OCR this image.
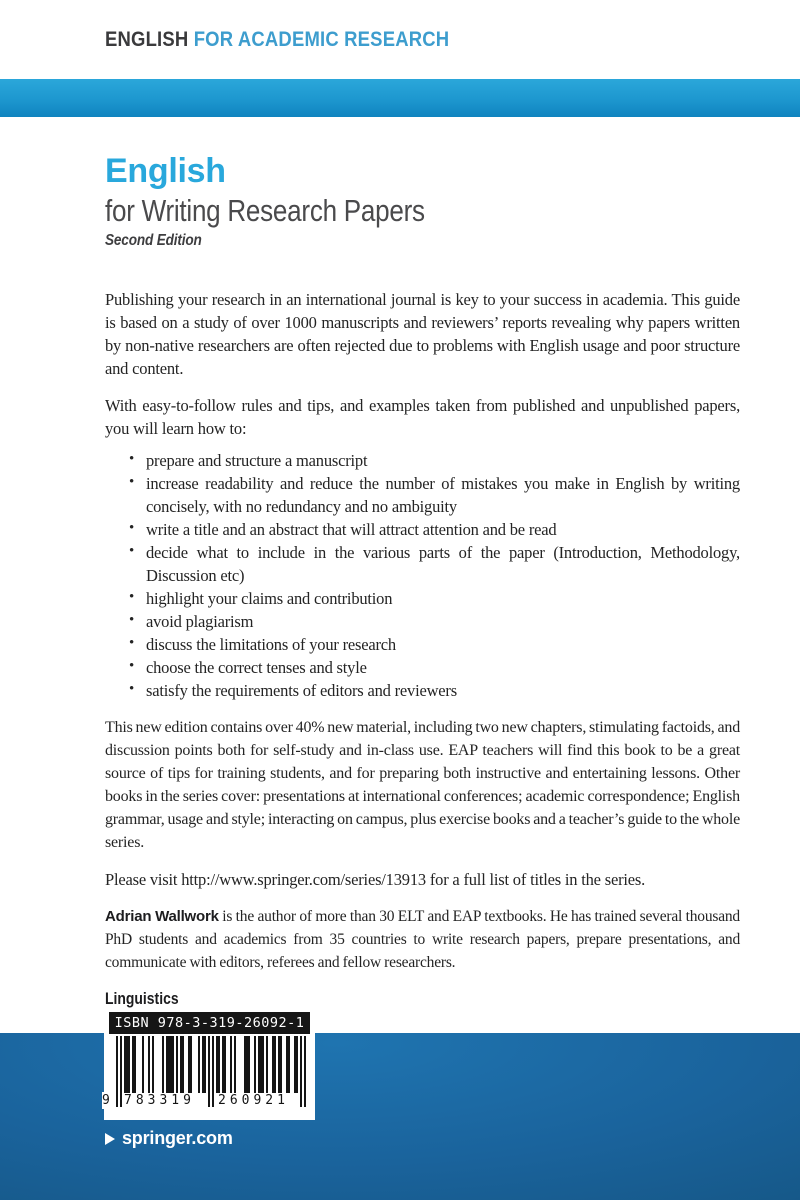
ENGLISH FOR ACADEMIC RESEARCH
English
for Writing Research Papers
Second Edition

Publishing your research in an international journal is key to your success in academia. This guide is based on a study of over 1000 manuscripts and reviewers’ reports revealing why papers written by non-native researchers are often rejected due to problems with English usage and poor structure and content.

With easy-to-follow rules and tips, and examples taken from published and unpublished papers, you will learn how to:

• prepare and structure a manuscript
• increase readability and reduce the number of mistakes you make in English by writing concisely, with no redundancy and no ambiguity
• write a title and an abstract that will attract attention and be read
• decide what to include in the various parts of the paper (Introduction, Methodology, Discussion etc)
• highlight your claims and contribution
• avoid plagiarism
• discuss the limitations of your research
• choose the correct tenses and style
• satisfy the requirements of editors and reviewers

This new edition contains over 40% new material, including two new chapters, stimulating factoids, and discussion points both for self-study and in-class use. EAP teachers will find this book to be a great source of tips for training students, and for preparing both instructive and entertaining lessons. Other books in the series cover: presentations at international conferences; academic correspondence; English grammar, usage and style; interacting on campus, plus exercise books and a teacher’s guide to the whole series.

Please visit http://www.springer.com/series/13913 for a full list of titles in the series.

Adrian Wallwork is the author of more than 30 ELT and EAP textbooks. He has trained several thousand PhD students and academics from 35 countries to write research papers, prepare presentations, and communicate with editors, referees and fellow researchers.

Linguistics
ISBN 978-3-319-26092-1
9 783319 260921
springer.com
